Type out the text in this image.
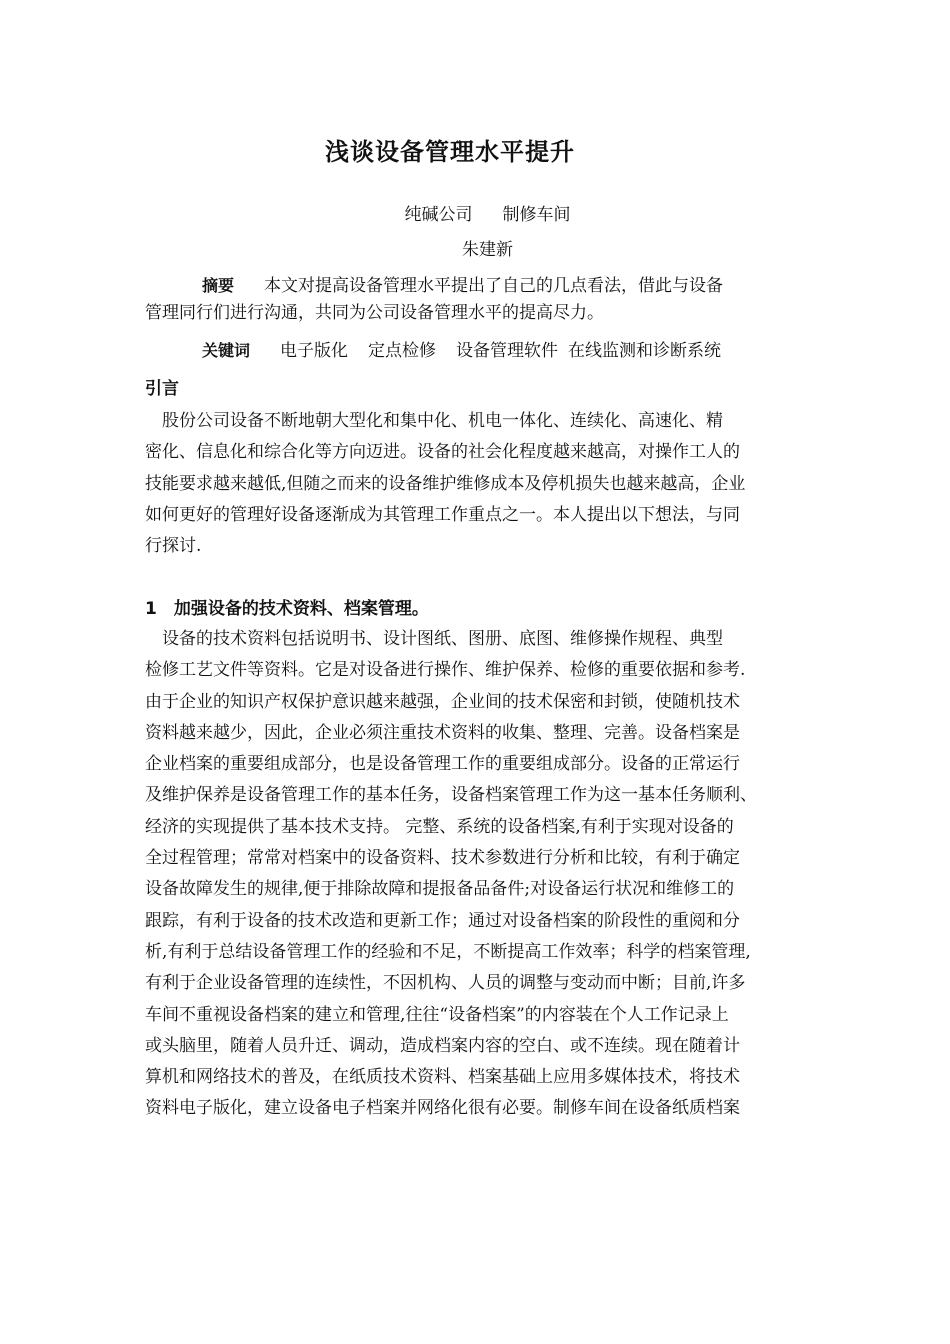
浅谈设备管理水平提升
纯碱公司 制修车间
朱建新
摘要 本文对提高设备管理水平提出了自己的几点看法，借此与设备
管理同行们进行沟通，共同为公司设备管理水平的提高尽力。
关键词 电子版化 定点检修 设备管理软件 在线监测和诊断系统
引言
　股份公司设备不断地朝大型化和集中化、机电一体化、连续化、高速化、精
密化、信息化和综合化等方向迈进。设备的社会化程度越来越高，对操作工人的
技能要求越来越低,但随之而来的设备维护维修成本及停机损失也越来越高，企业
如何更好的管理好设备逐渐成为其管理工作重点之一。本人提出以下想法，与同
行探讨.
1　加强设备的技术资料、档案管理。
　设备的技术资料包括说明书、设计图纸、图册、底图、维修操作规程、典型
检修工艺文件等资料。它是对设备进行操作、维护保养、检修的重要依据和参考.
由于企业的知识产权保护意识越来越强，企业间的技术保密和封锁，使随机技术
资料越来越少，因此，企业必须注重技术资料的收集、整理、完善。设备档案是
企业档案的重要组成部分，也是设备管理工作的重要组成部分。设备的正常运行
及维护保养是设备管理工作的基本任务，设备档案管理工作为这一基本任务顺利、
经济的实现提供了基本技术支持。 完整、系统的设备档案,有利于实现对设备的
全过程管理；常常对档案中的设备资料、技术参数进行分析和比较，有利于确定
设备故障发生的规律,便于排除故障和提报备品备件;对设备运行状况和维修工的
跟踪，有利于设备的技术改造和更新工作；通过对设备档案的阶段性的重阅和分
析,有利于总结设备管理工作的经验和不足，不断提高工作效率；科学的档案管理,
有利于企业设备管理的连续性，不因机构、人员的调整与变动而中断；目前,许多
车间不重视设备档案的建立和管理,往往“设备档案”的内容装在个人工作记录上
或头脑里，随着人员升迁、调动，造成档案内容的空白、或不连续。现在随着计
算机和网络技术的普及，在纸质技术资料、档案基础上应用多媒体技术，将技术
资料电子版化，建立设备电子档案并网络化很有必要。制修车间在设备纸质档案
